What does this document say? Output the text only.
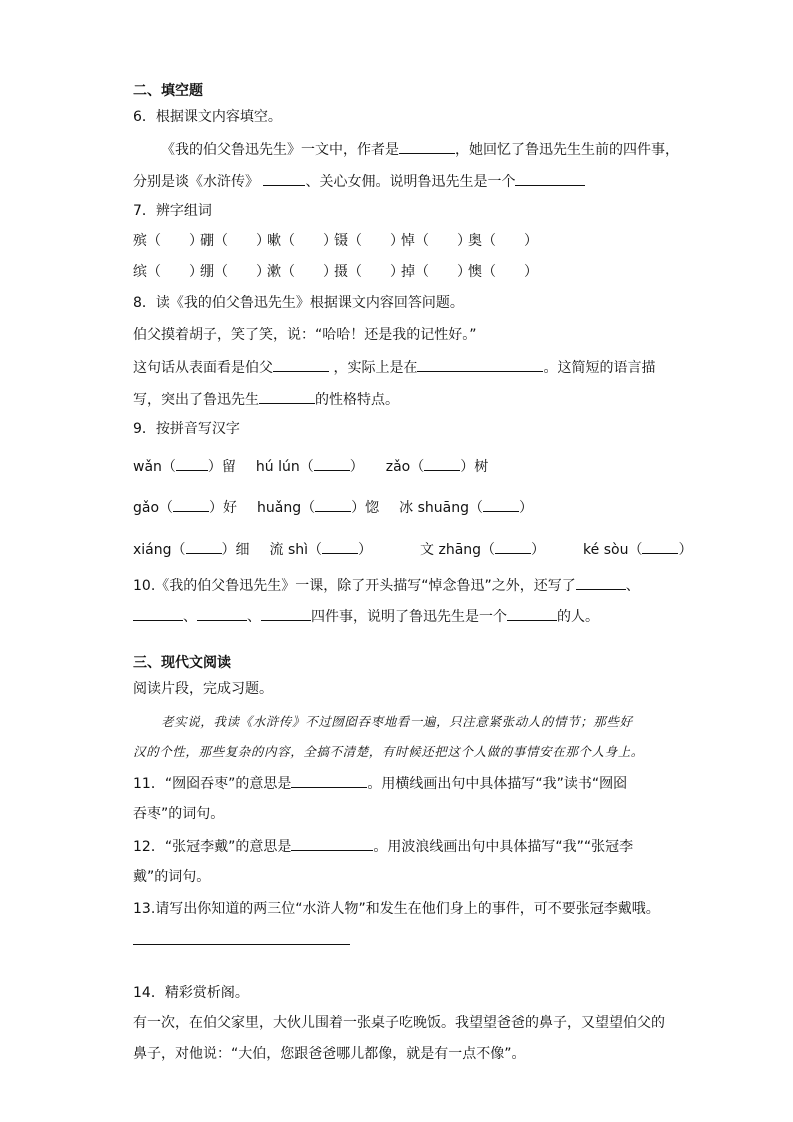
二、填空题
6．根据课文内容填空。
《我的伯父鲁迅先生》一文中，作者是	，她回忆了鲁迅先生生前的四件事，
分别是谈《水浒传》	、关心女佣。说明鲁迅先生是一个
7．辨字组词
殡（　　）硼（　　）嗽（　　）镊（　　）悼（　　）奥（　　）
缤（　　）绷（　　）漱（　　）摄（　　）掉（　　）懊（　　）
8．读《我的伯父鲁迅先生》根据课文内容回答问题。
伯父摸着胡子，笑了笑，说：“哈哈！还是我的记性好。”
这句话从表面看是伯父	，实际上是在	。这简短的语言描
写，突出了鲁迅先生	的性格特点。
9．按拼音写汉字
wǎn（ ）留 hú lún（	） zǎo（	）树
gǎo（	）好 huǎng（	）惚 冰 shuāng（	）
xiáng（	）细 流 shì（	）	文 zhāng（	）	ké sòu（	）
10.《我的伯父鲁迅先生》一课，除了开头描写“悼念鲁迅”之外，还写了	、
、	、	四件事，说明了鲁迅先生是一个	的人。
三、现代文阅读
阅读片段，完成习题。
老实说，我读《水浒传》不过囫囵吞枣地看一遍，只注意紧张动人的情节；那些好
汉的个性，那些复杂的内容，全搞不清楚，有时候还把这个人做的事情安在那个人身上。
11．“囫囵吞枣”的意思是	。用横线画出句中具体描写“我”读书“囫囵
吞枣”的词句。
12．“张冠李戴”的意思是	。用波浪线画出句中具体描写“我”“张冠李
戴”的词句。
13.请写出你知道的两三位“水浒人物”和发生在他们身上的事件，可不要张冠李戴哦。
14．精彩赏析阁。
有一次，在伯父家里，大伙儿围着一张桌子吃晚饭。我望望爸爸的鼻子，又望望伯父的
鼻子，对他说：“大伯，您跟爸爸哪儿都像，就是有一点不像”。
